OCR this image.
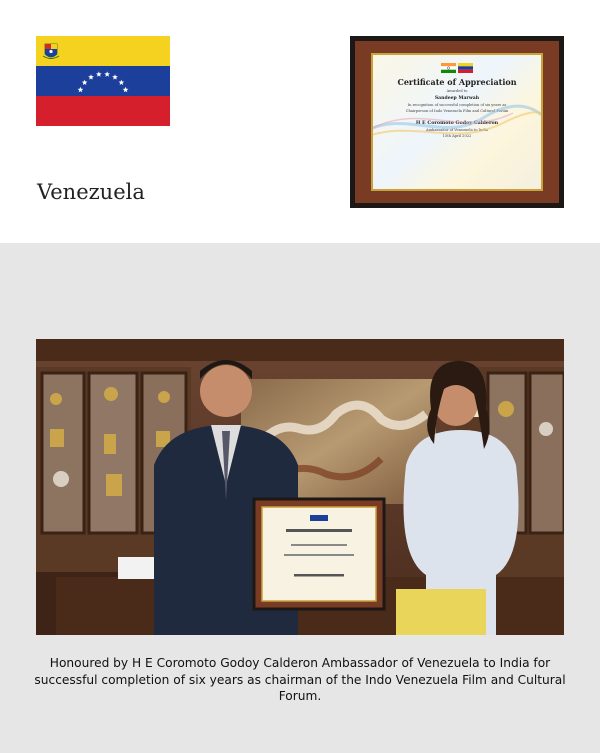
Venezuela
Certificate of Appreciation
Awarded to
Sandeep Marwah
In recognition of successful completion of six years as
Chairperson of Indo Venezuela Film and Cultural Forum
H E Coromoto Godoy Calderon
Ambassador of Venezuela to India
15th April 2022
Honoured by H E Coromoto Godoy Calderon Ambassador of Venezuela to India for successful completion of six years as chairman of the Indo Venezuela Film and Cultural Forum.
